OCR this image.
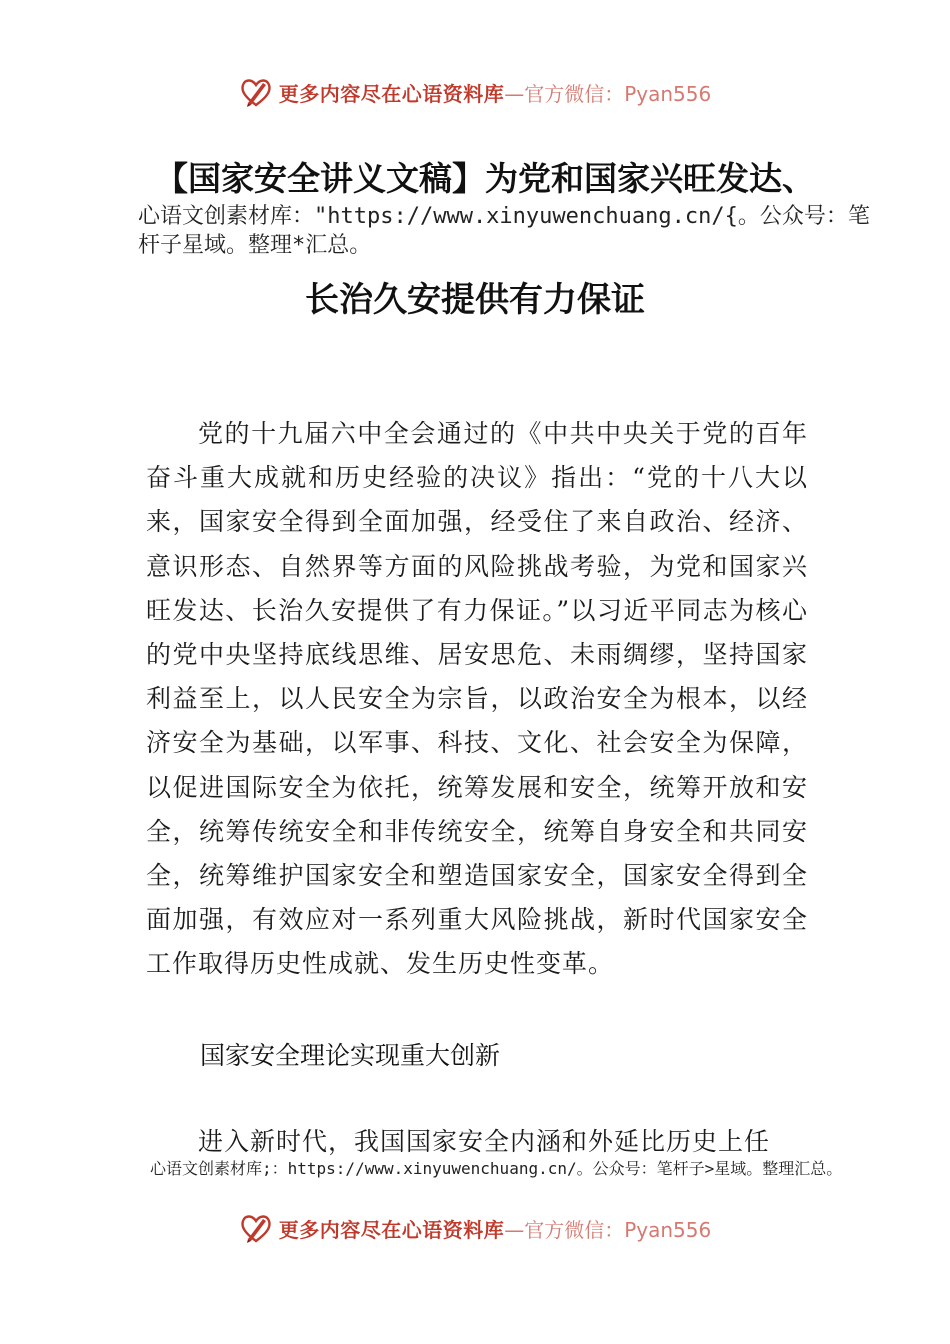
更多内容尽在心语资料库 —官方微信：Pyan556
【国家安全讲义文稿】为党和国家兴旺发达、
心语文创素材库："https://www.xinyuwenchuang.cn/{。公众号：笔杆子星域。整理*汇总。
长治久安提供有力保证

党的十九届六中全会通过的《中共中央关于党的百年奋斗重大成就和历史经验的决议》指出：“党的十八大以来，国家安全得到全面加强，经受住了来自政治、经济、意识形态、自然界等方面的风险挑战考验，为党和国家兴旺发达、长治久安提供了有力保证。”以习近平同志为核心的党中央坚持底线思维、居安思危、未雨绸缪，坚持国家利益至上，以人民安全为宗旨，以政治安全为根本，以经济安全为基础，以军事、科技、文化、社会安全为保障，以促进国际安全为依托，统筹发展和安全，统筹开放和安全，统筹传统安全和非传统安全，统筹自身安全和共同安全，统筹维护国家安全和塑造国家安全，国家安全得到全面加强，有效应对一系列重大风险挑战，新时代国家安全工作取得历史性成就、发生历史性变革。

国家安全理论实现重大创新

进入新时代，我国国家安全内涵和外延比历史上任

心语文创素材库;：https://www.xinyuwenchuang.cn/。公众号：笔杆子>星域。整理汇总。
更多内容尽在心语资料库 —官方微信：Pyan556
